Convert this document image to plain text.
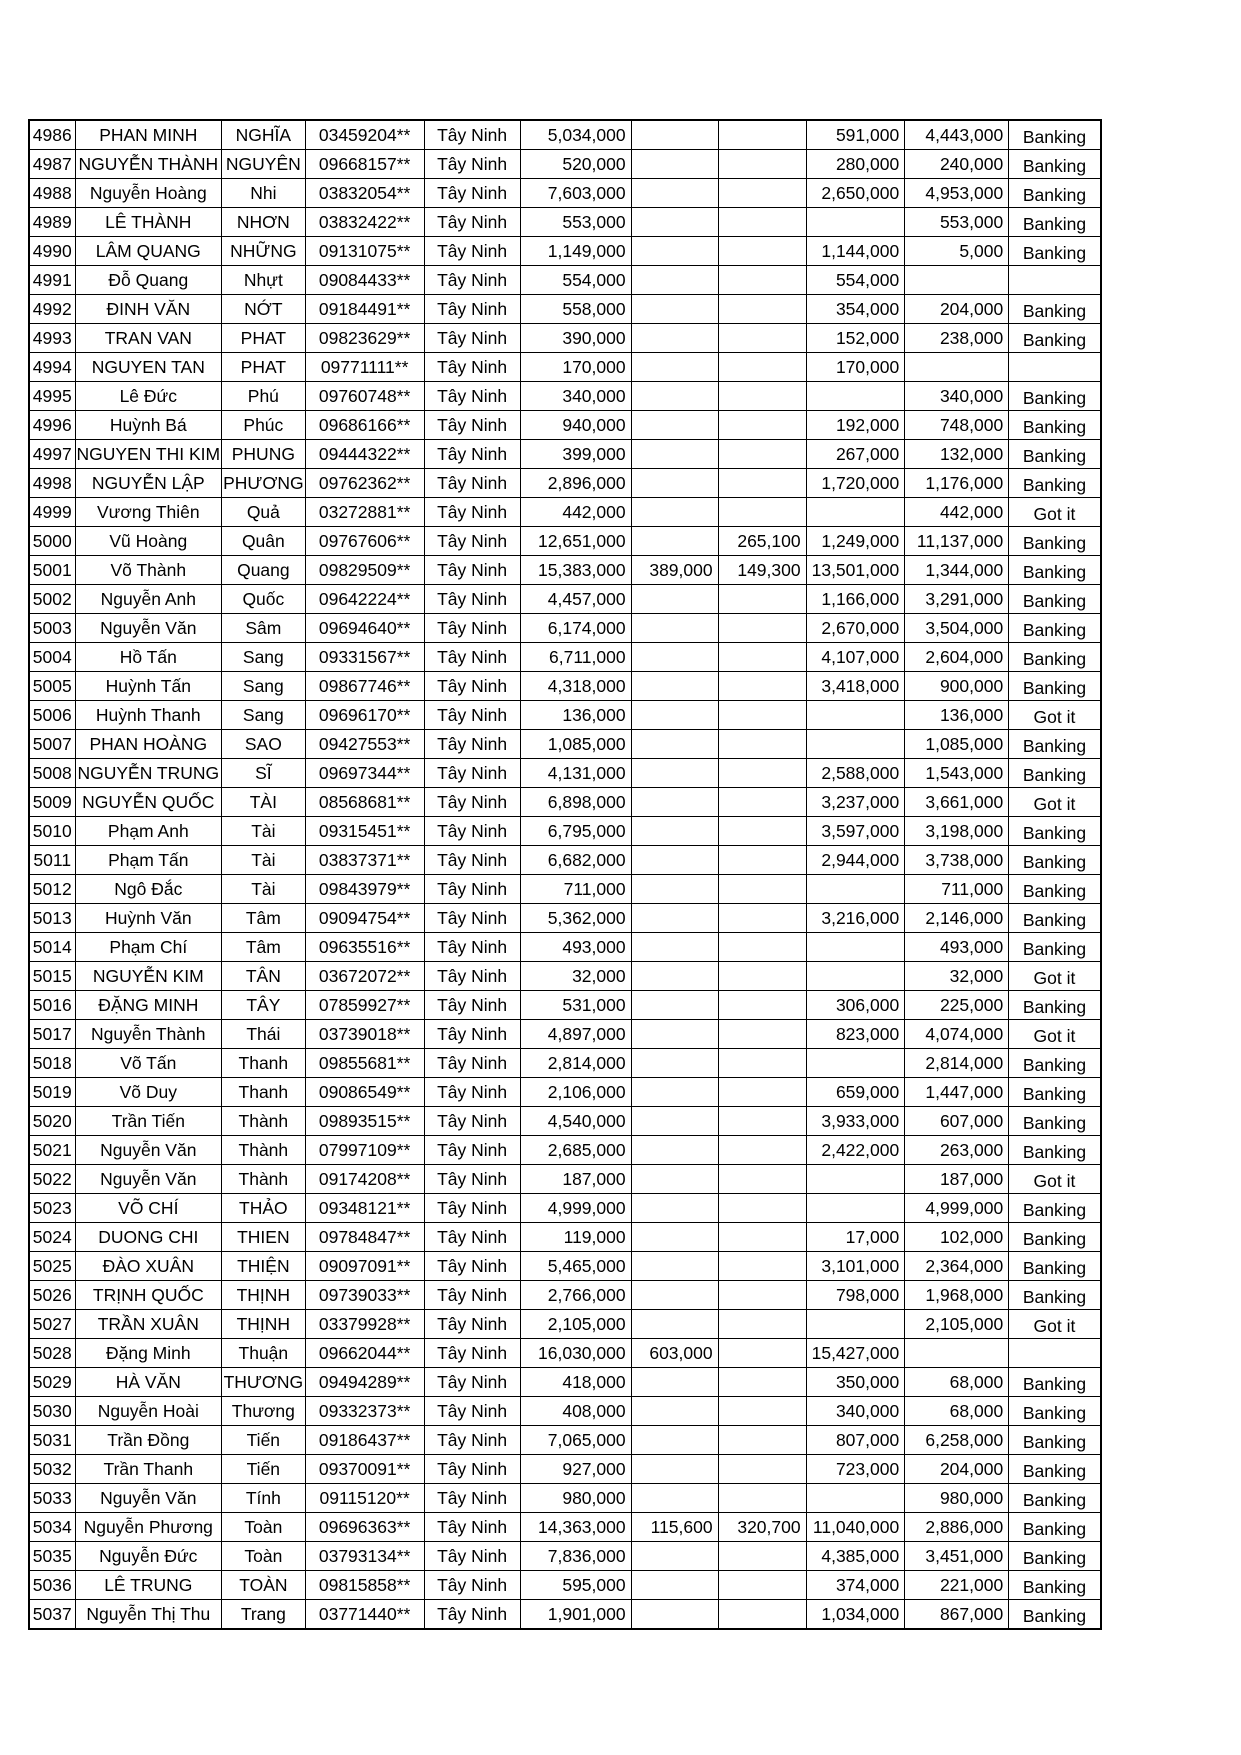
4986	PHAN MINH	NGHĨA	03459204**	Tây Ninh	5,034,000			591,000	4,443,000	Banking
4987	NGUYỄN THÀNH	NGUYÊN	09668157**	Tây Ninh	520,000			280,000	240,000	Banking
4988	Nguyễn Hoàng	Nhi	03832054**	Tây Ninh	7,603,000			2,650,000	4,953,000	Banking
4989	LÊ THÀNH	NHƠN	03832422**	Tây Ninh	553,000				553,000	Banking
4990	LÂM QUANG	NHỮNG	09131075**	Tây Ninh	1,149,000			1,144,000	5,000	Banking
4991	Đỗ Quang	Nhựt	09084433**	Tây Ninh	554,000			554,000		
4992	ĐINH VĂN	NỚT	09184491**	Tây Ninh	558,000			354,000	204,000	Banking
4993	TRAN VAN	PHAT	09823629**	Tây Ninh	390,000			152,000	238,000	Banking
4994	NGUYEN TAN	PHAT	09771111**	Tây Ninh	170,000			170,000		
4995	Lê Đức	Phú	09760748**	Tây Ninh	340,000				340,000	Banking
4996	Huỳnh Bá	Phúc	09686166**	Tây Ninh	940,000			192,000	748,000	Banking
4997	NGUYEN THI KIM	PHUNG	09444322**	Tây Ninh	399,000			267,000	132,000	Banking
4998	NGUYỄN LẬP	PHƯƠNG	09762362**	Tây Ninh	2,896,000			1,720,000	1,176,000	Banking
4999	Vương Thiên	Quả	03272881**	Tây Ninh	442,000				442,000	Got it
5000	Vũ Hoàng	Quân	09767606**	Tây Ninh	12,651,000		265,100	1,249,000	11,137,000	Banking
5001	Võ Thành	Quang	09829509**	Tây Ninh	15,383,000	389,000	149,300	13,501,000	1,344,000	Banking
5002	Nguyễn Anh	Quốc	09642224**	Tây Ninh	4,457,000			1,166,000	3,291,000	Banking
5003	Nguyễn Văn	Sâm	09694640**	Tây Ninh	6,174,000			2,670,000	3,504,000	Banking
5004	Hồ Tấn	Sang	09331567**	Tây Ninh	6,711,000			4,107,000	2,604,000	Banking
5005	Huỳnh Tấn	Sang	09867746**	Tây Ninh	4,318,000			3,418,000	900,000	Banking
5006	Huỳnh Thanh	Sang	09696170**	Tây Ninh	136,000				136,000	Got it
5007	PHAN HOÀNG	SAO	09427553**	Tây Ninh	1,085,000				1,085,000	Banking
5008	NGUYỄN TRUNG	SĨ	09697344**	Tây Ninh	4,131,000			2,588,000	1,543,000	Banking
5009	NGUYỄN QUỐC	TÀI	08568681**	Tây Ninh	6,898,000			3,237,000	3,661,000	Got it
5010	Phạm Anh	Tài	09315451**	Tây Ninh	6,795,000			3,597,000	3,198,000	Banking
5011	Phạm Tấn	Tài	03837371**	Tây Ninh	6,682,000			2,944,000	3,738,000	Banking
5012	Ngô Đắc	Tài	09843979**	Tây Ninh	711,000				711,000	Banking
5013	Huỳnh Văn	Tâm	09094754**	Tây Ninh	5,362,000			3,216,000	2,146,000	Banking
5014	Phạm Chí	Tâm	09635516**	Tây Ninh	493,000				493,000	Banking
5015	NGUYỄN KIM	TÂN	03672072**	Tây Ninh	32,000				32,000	Got it
5016	ĐẶNG MINH	TÂY	07859927**	Tây Ninh	531,000			306,000	225,000	Banking
5017	Nguyễn Thành	Thái	03739018**	Tây Ninh	4,897,000			823,000	4,074,000	Got it
5018	Võ Tấn	Thanh	09855681**	Tây Ninh	2,814,000				2,814,000	Banking
5019	Võ Duy	Thanh	09086549**	Tây Ninh	2,106,000			659,000	1,447,000	Banking
5020	Trần Tiến	Thành	09893515**	Tây Ninh	4,540,000			3,933,000	607,000	Banking
5021	Nguyễn Văn	Thành	07997109**	Tây Ninh	2,685,000			2,422,000	263,000	Banking
5022	Nguyễn Văn	Thành	09174208**	Tây Ninh	187,000				187,000	Got it
5023	VÕ CHÍ	THẢO	09348121**	Tây Ninh	4,999,000				4,999,000	Banking
5024	DUONG CHI	THIEN	09784847**	Tây Ninh	119,000			17,000	102,000	Banking
5025	ĐÀO XUÂN	THIỆN	09097091**	Tây Ninh	5,465,000			3,101,000	2,364,000	Banking
5026	TRỊNH QUỐC	THỊNH	09739033**	Tây Ninh	2,766,000			798,000	1,968,000	Banking
5027	TRẦN XUÂN	THỊNH	03379928**	Tây Ninh	2,105,000				2,105,000	Got it
5028	Đặng Minh	Thuận	09662044**	Tây Ninh	16,030,000	603,000		15,427,000		
5029	HÀ VĂN	THƯƠNG	09494289**	Tây Ninh	418,000			350,000	68,000	Banking
5030	Nguyễn Hoài	Thương	09332373**	Tây Ninh	408,000			340,000	68,000	Banking
5031	Trần Đồng	Tiến	09186437**	Tây Ninh	7,065,000			807,000	6,258,000	Banking
5032	Trần Thanh	Tiến	09370091**	Tây Ninh	927,000			723,000	204,000	Banking
5033	Nguyễn Văn	Tính	09115120**	Tây Ninh	980,000				980,000	Banking
5034	Nguyễn Phương	Toàn	09696363**	Tây Ninh	14,363,000	115,600	320,700	11,040,000	2,886,000	Banking
5035	Nguyễn Đức	Toàn	03793134**	Tây Ninh	7,836,000			4,385,000	3,451,000	Banking
5036	LÊ TRUNG	TOÀN	09815858**	Tây Ninh	595,000			374,000	221,000	Banking
5037	Nguyễn Thị Thu	Trang	03771440**	Tây Ninh	1,901,000			1,034,000	867,000	Banking
